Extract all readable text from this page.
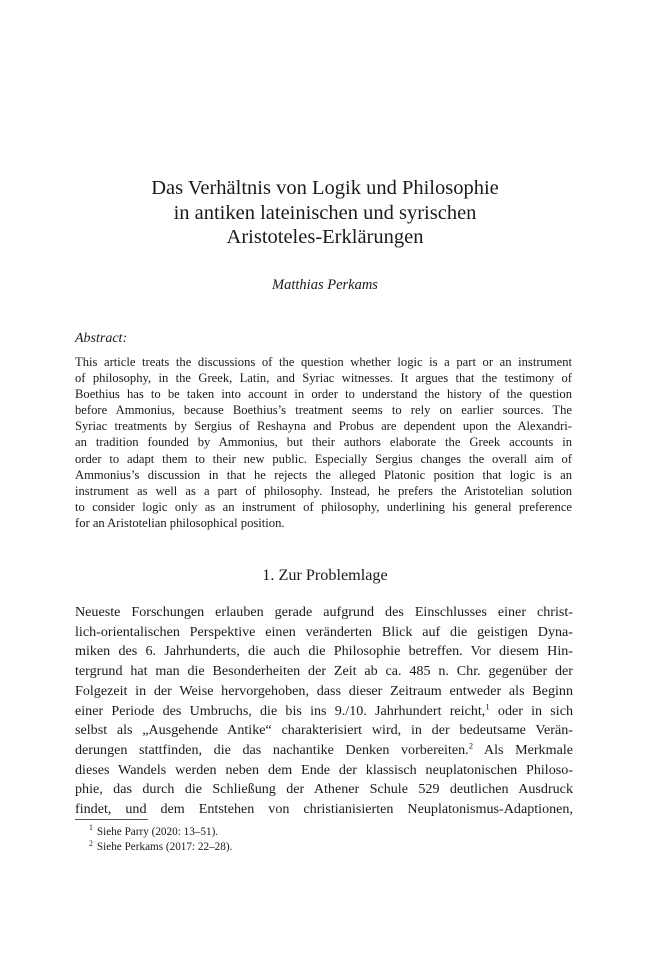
Das Verhältnis von Logik und Philosophie
in antiken lateinischen und syrischen
Aristoteles-Erklärungen
Matthias Perkams
Abstract:
This article treats the discussions of the question whether logic is a part or an instrument
of philosophy, in the Greek, Latin, and Syriac witnesses. It argues that the testimony of
Boethius has to be taken into account in order to understand the history of the question
before Ammonius, because Boethius’s treatment seems to rely on earlier sources. The
Syriac treatments by Sergius of Reshayna and Probus are dependent upon the Alexandri-
an tradition founded by Ammonius, but their authors elaborate the Greek accounts in
order to adapt them to their new public. Especially Sergius changes the overall aim of
Ammonius’s discussion in that he rejects the alleged Platonic position that logic is an
instrument as well as a part of philosophy. Instead, he prefers the Aristotelian solution
to consider logic only as an instrument of philosophy, underlining his general preference
for an Aristotelian philosophical position.
1. Zur Problemlage
Neueste Forschungen erlauben gerade aufgrund des Einschlusses einer christ-
lich-orientalischen Perspektive einen veränderten Blick auf die geistigen Dyna-
miken des 6. Jahrhunderts, die auch die Philosophie betreffen. Vor diesem Hin-
tergrund hat man die Besonderheiten der Zeit ab ca. 485 n. Chr. gegenüber der
Folgezeit in der Weise hervorgehoben, dass dieser Zeitraum entweder als Beginn
einer Periode des Umbruchs, die bis ins 9./10. Jahrhundert reicht,$^1$ oder in sich
selbst als „Ausgehende Antike“ charakterisiert wird, in der bedeutsame Verän-
derungen stattfinden, die das nachantike Denken vorbereiten.$^2$ Als Merkmale
dieses Wandels werden neben dem Ende der klassisch neuplatonischen Philoso-
phie, das durch die Schließung der Athener Schule 529 deutlichen Ausdruck
findet, und dem Entstehen von christianisierten Neuplatonismus-Adaptionen,
$^1$ Siehe Parry (2020: 13–51).
$^2$ Siehe Perkams (2017: 22–28).
